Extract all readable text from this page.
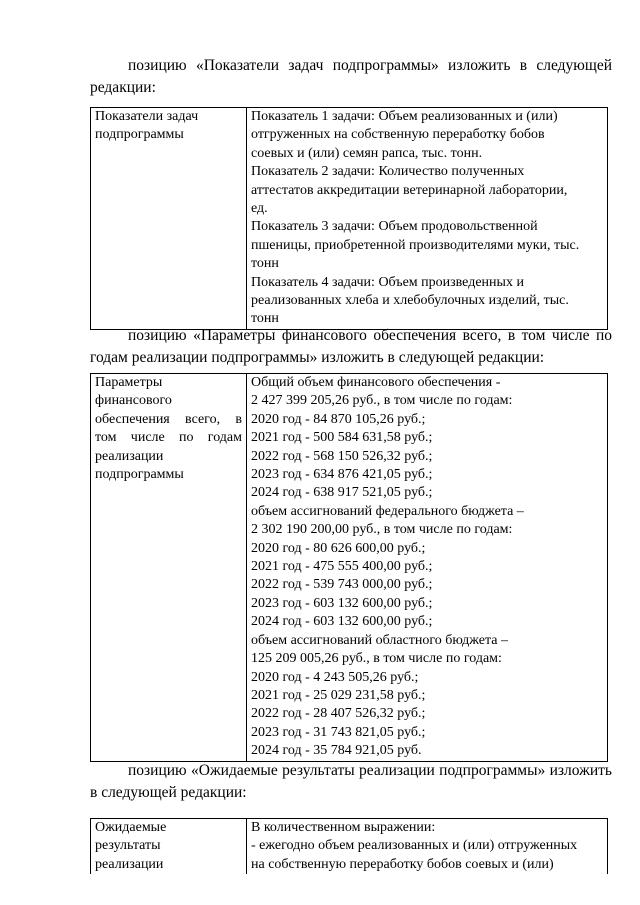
позицию «Показатели задач подпрограммы» изложить в следующей
редакции:
Показатели задач
подпрограммы

Показатель 1 задачи: Объем реализованных и (или)
отгруженных на собственную переработку бобов
соевых и (или) семян рапса, тыс. тонн.
Показатель 2 задачи: Количество полученных
аттестатов аккредитации ветеринарной лаборатории,
ед.
Показатель 3 задачи: Объем продовольственной
пшеницы, приобретенной производителями муки, тыс.
тонн
Показатель 4 задачи: Объем произведенных и
реализованных хлеба и хлебобулочных изделий, тыс.
тонн
позицию «Параметры финансового обеспечения всего, в том числе по
годам реализации подпрограммы» изложить в следующей редакции:
Параметры
финансового
обеспечения всего, в
том числе по годам
реализации
подпрограммы

Общий объем финансового обеспечения -
2 427 399 205,26 руб., в том числе по годам:
2020 год - 84 870 105,26 руб.;
2021 год - 500 584 631,58 руб.;
2022 год - 568 150 526,32 руб.;
2023 год - 634 876 421,05 руб.;
2024 год - 638 917 521,05 руб.;
объем ассигнований федерального бюджета –
2 302 190 200,00 руб., в том числе по годам:
2020 год - 80 626 600,00 руб.;
2021 год - 475 555 400,00 руб.;
2022 год - 539 743 000,00 руб.;
2023 год - 603 132 600,00 руб.;
2024 год - 603 132 600,00 руб.;
объем ассигнований областного бюджета –
125 209 005,26 руб., в том числе по годам:
2020 год - 4 243 505,26 руб.;
2021 год - 25 029 231,58 руб.;
2022 год - 28 407 526,32 руб.;
2023 год - 31 743 821,05 руб.;
2024 год - 35 784 921,05 руб.
позицию «Ожидаемые результаты реализации подпрограммы» изложить
в следующей редакции:
Ожидаемые
результаты
реализации

В количественном выражении:
- ежегодно объем реализованных и (или) отгруженных
на собственную переработку бобов соевых и (или)
